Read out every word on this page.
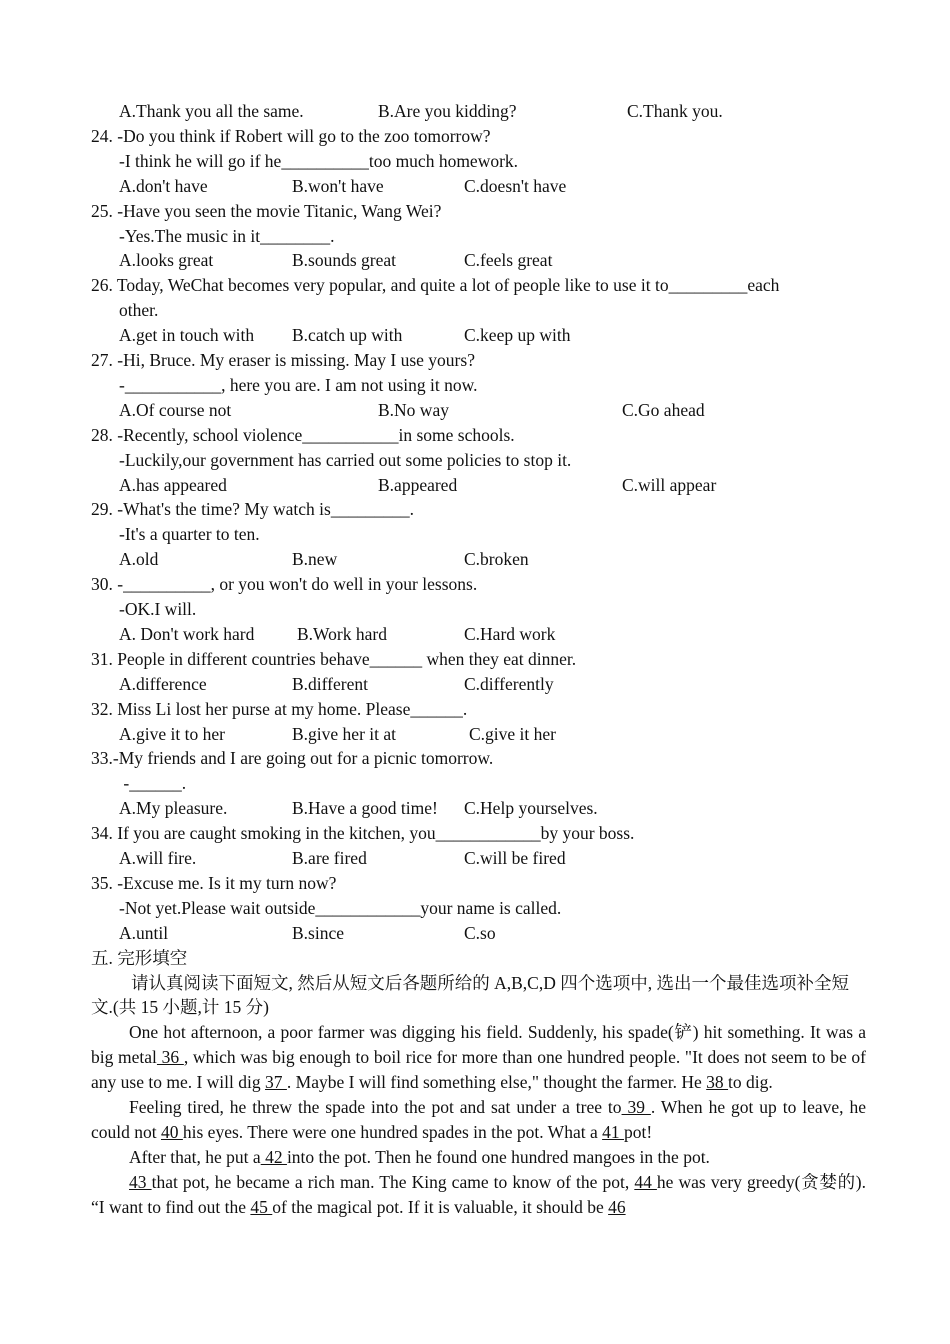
A.Thank you all the same.	B.Are you kidding?	C.Thank you.
24. -Do you think if Robert will go to the zoo tomorrow?
-I think he will go if he__________too much homework.
A.don't have	B.won't have	C.doesn't have
25. -Have you seen the movie Titanic, Wang Wei?
-Yes.The music in it________.
A.looks great	B.sounds great	C.feels great
26. Today, WeChat becomes very popular, and quite a lot of people like to use it to_________each
other.
A.get in touch with B.catch up with	C.keep up with
27. -Hi, Bruce. My eraser is missing. May I use yours?
-___________, here you are. I am not using it now.
A.Of course not	B.No way	C.Go ahead
28. -Recently, school violence___________in some schools.
-Luckily,our government has carried out some policies to stop it.
A.has appeared	B.appeared	C.will appear
29. -What's the time? My watch is_________.
-It's a quarter to ten.
A.old	B.new	C.broken
30. -__________, or you won't do well in your lessons.
-OK.I will.
A. Don't work hard B.Work hard	C.Hard work
31. People in different countries behave______ when they eat dinner.
A.difference	B.different	C.differently
32. Miss Li lost her purse at my home. Please______.
A.give it to her	B.give her it at	C.give it her
33.-My friends and I are going out for a picnic tomorrow.
-______.
A.My pleasure.	B.Have a good time! C.Help yourselves.
34. If you are caught smoking in the kitchen, you____________by your boss.
A.will fire.	B.are fired	C.will be fired
35. -Excuse me. Is it my turn now?
-Not yet.Please wait outside____________your name is called.
A.until	B.since	C.so
五. 完形填空
请认真阅读下面短文, 然后从短文后各题所给的 A,B,C,D 四个选项中, 选出一个最佳选项补全短文.(共 15 小题,计 15 分)
One hot afternoon, a poor farmer was digging his field. Suddenly, his spade(铲) hit something. It was a big metal 36 , which was big enough to boil rice for more than one hundred people. "It does not seem to be of any use to me. I will dig 37 . Maybe I will find something else," thought the farmer. He 38 to dig.
Feeling tired, he threw the spade into the pot and sat under a tree to 39 . When he got up to leave, he could not 40 his eyes. There were one hundred spades in the pot. What a 41 pot!
After that, he put a 42 into the pot. Then he found one hundred mangoes in the pot.
43 that pot, he became a rich man. The King came to know of the pot, 44 he was very greedy(贪婪的). “I want to find out the 45 of the magical pot. If it is valuable, it should be 46
